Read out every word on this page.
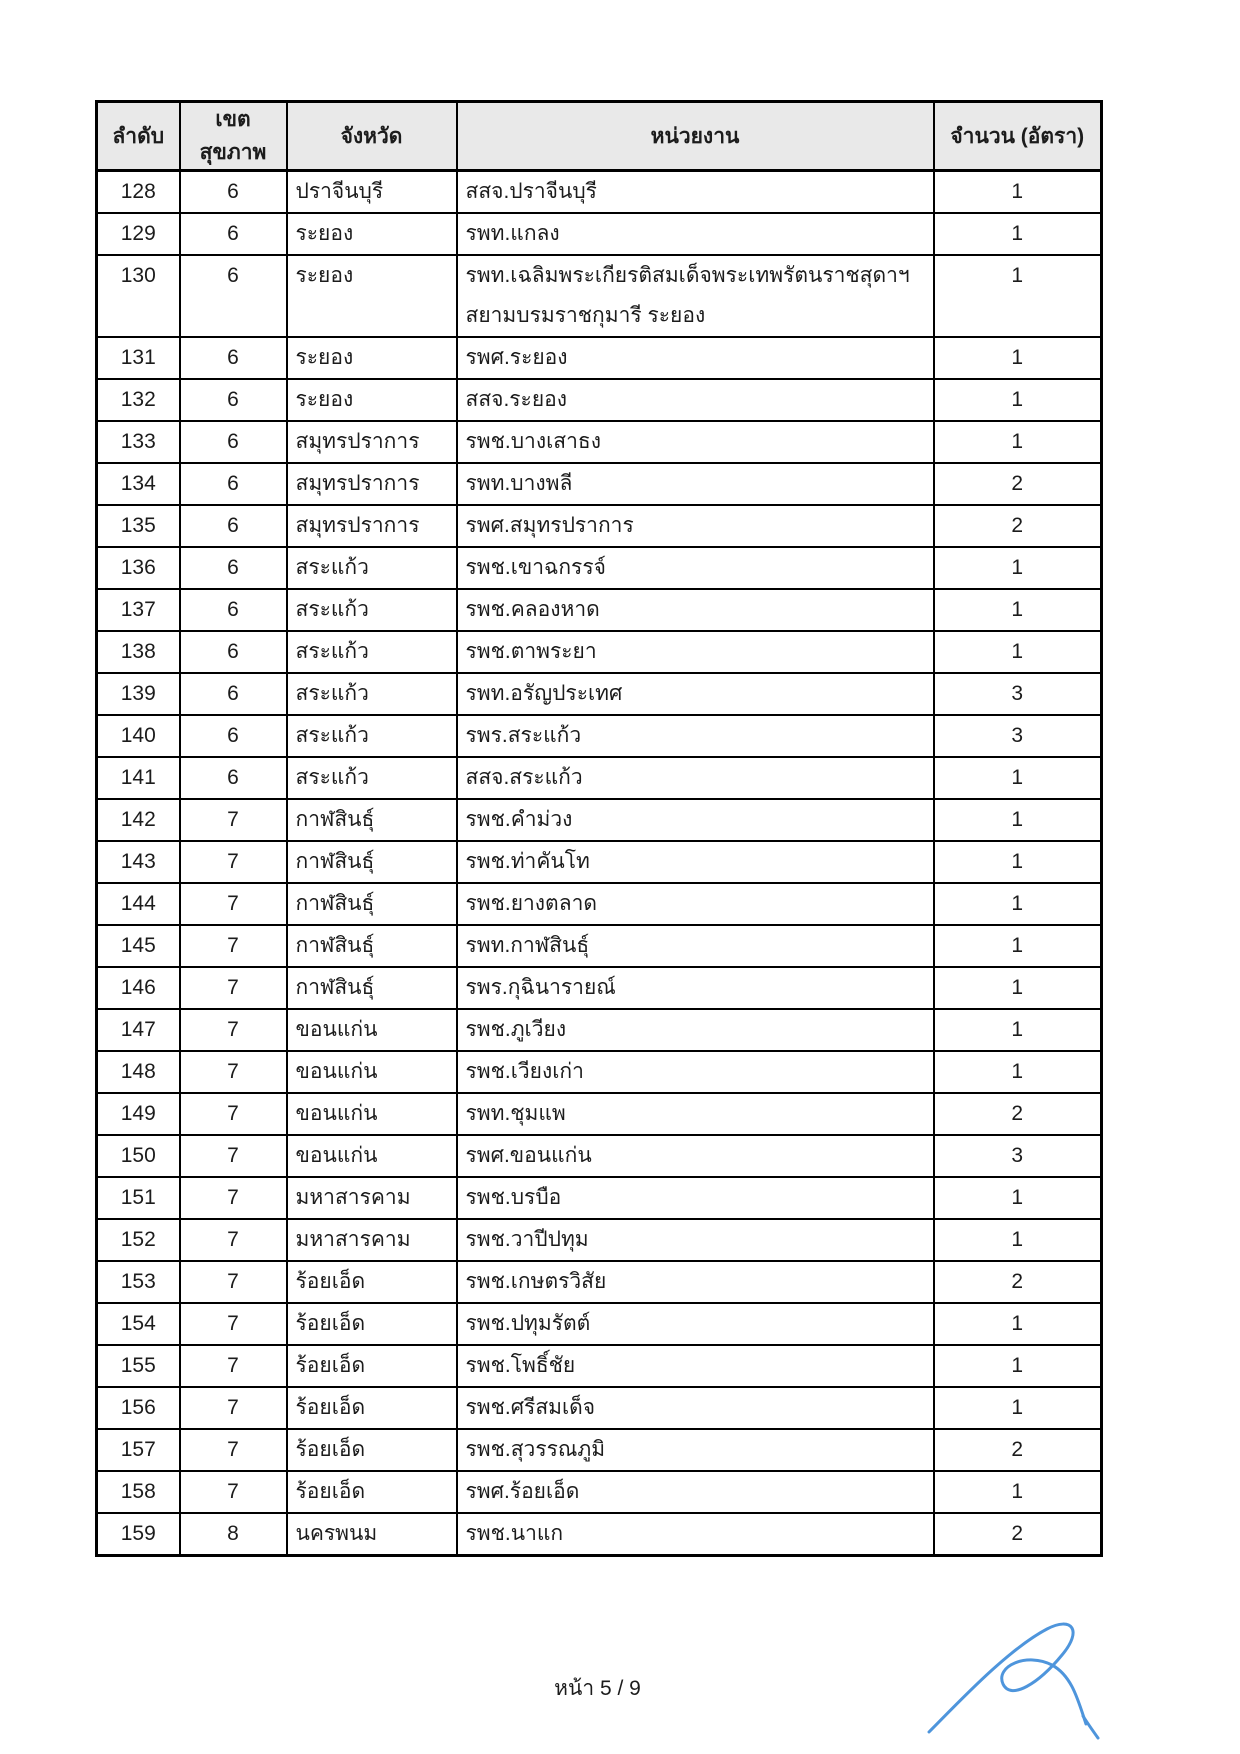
ลำดับ	เขตสุขภาพ	จังหวัด	หน่วยงาน	จำนวน (อัตรา)
128	6	ปราจีนบุรี	สสจ.ปราจีนบุรี	1
129	6	ระยอง	รพท.แกลง	1
130	6	ระยอง	รพท.เฉลิมพระเกียรติสมเด็จพระเทพรัตนราชสุดาฯ สยามบรมราชกุมารี ระยอง	1
131	6	ระยอง	รพศ.ระยอง	1
132	6	ระยอง	สสจ.ระยอง	1
133	6	สมุทรปราการ	รพช.บางเสาธง	1
134	6	สมุทรปราการ	รพท.บางพลี	2
135	6	สมุทรปราการ	รพศ.สมุทรปราการ	2
136	6	สระแก้ว	รพช.เขาฉกรรจ์	1
137	6	สระแก้ว	รพช.คลองหาด	1
138	6	สระแก้ว	รพช.ตาพระยา	1
139	6	สระแก้ว	รพท.อรัญประเทศ	3
140	6	สระแก้ว	รพร.สระแก้ว	3
141	6	สระแก้ว	สสจ.สระแก้ว	1
142	7	กาฬสินธุ์	รพช.คำม่วง	1
143	7	กาฬสินธุ์	รพช.ท่าคันโท	1
144	7	กาฬสินธุ์	รพช.ยางตลาด	1
145	7	กาฬสินธุ์	รพท.กาฬสินธุ์	1
146	7	กาฬสินธุ์	รพร.กุฉินารายณ์	1
147	7	ขอนแก่น	รพช.ภูเวียง	1
148	7	ขอนแก่น	รพช.เวียงเก่า	1
149	7	ขอนแก่น	รพท.ชุมแพ	2
150	7	ขอนแก่น	รพศ.ขอนแก่น	3
151	7	มหาสารคาม	รพช.บรบือ	1
152	7	มหาสารคาม	รพช.วาปีปทุม	1
153	7	ร้อยเอ็ด	รพช.เกษตรวิสัย	2
154	7	ร้อยเอ็ด	รพช.ปทุมรัตต์	1
155	7	ร้อยเอ็ด	รพช.โพธิ์ชัย	1
156	7	ร้อยเอ็ด	รพช.ศรีสมเด็จ	1
157	7	ร้อยเอ็ด	รพช.สุวรรณภูมิ	2
158	7	ร้อยเอ็ด	รพศ.ร้อยเอ็ด	1
159	8	นครพนม	รพช.นาแก	2
หน้า 5 / 9
